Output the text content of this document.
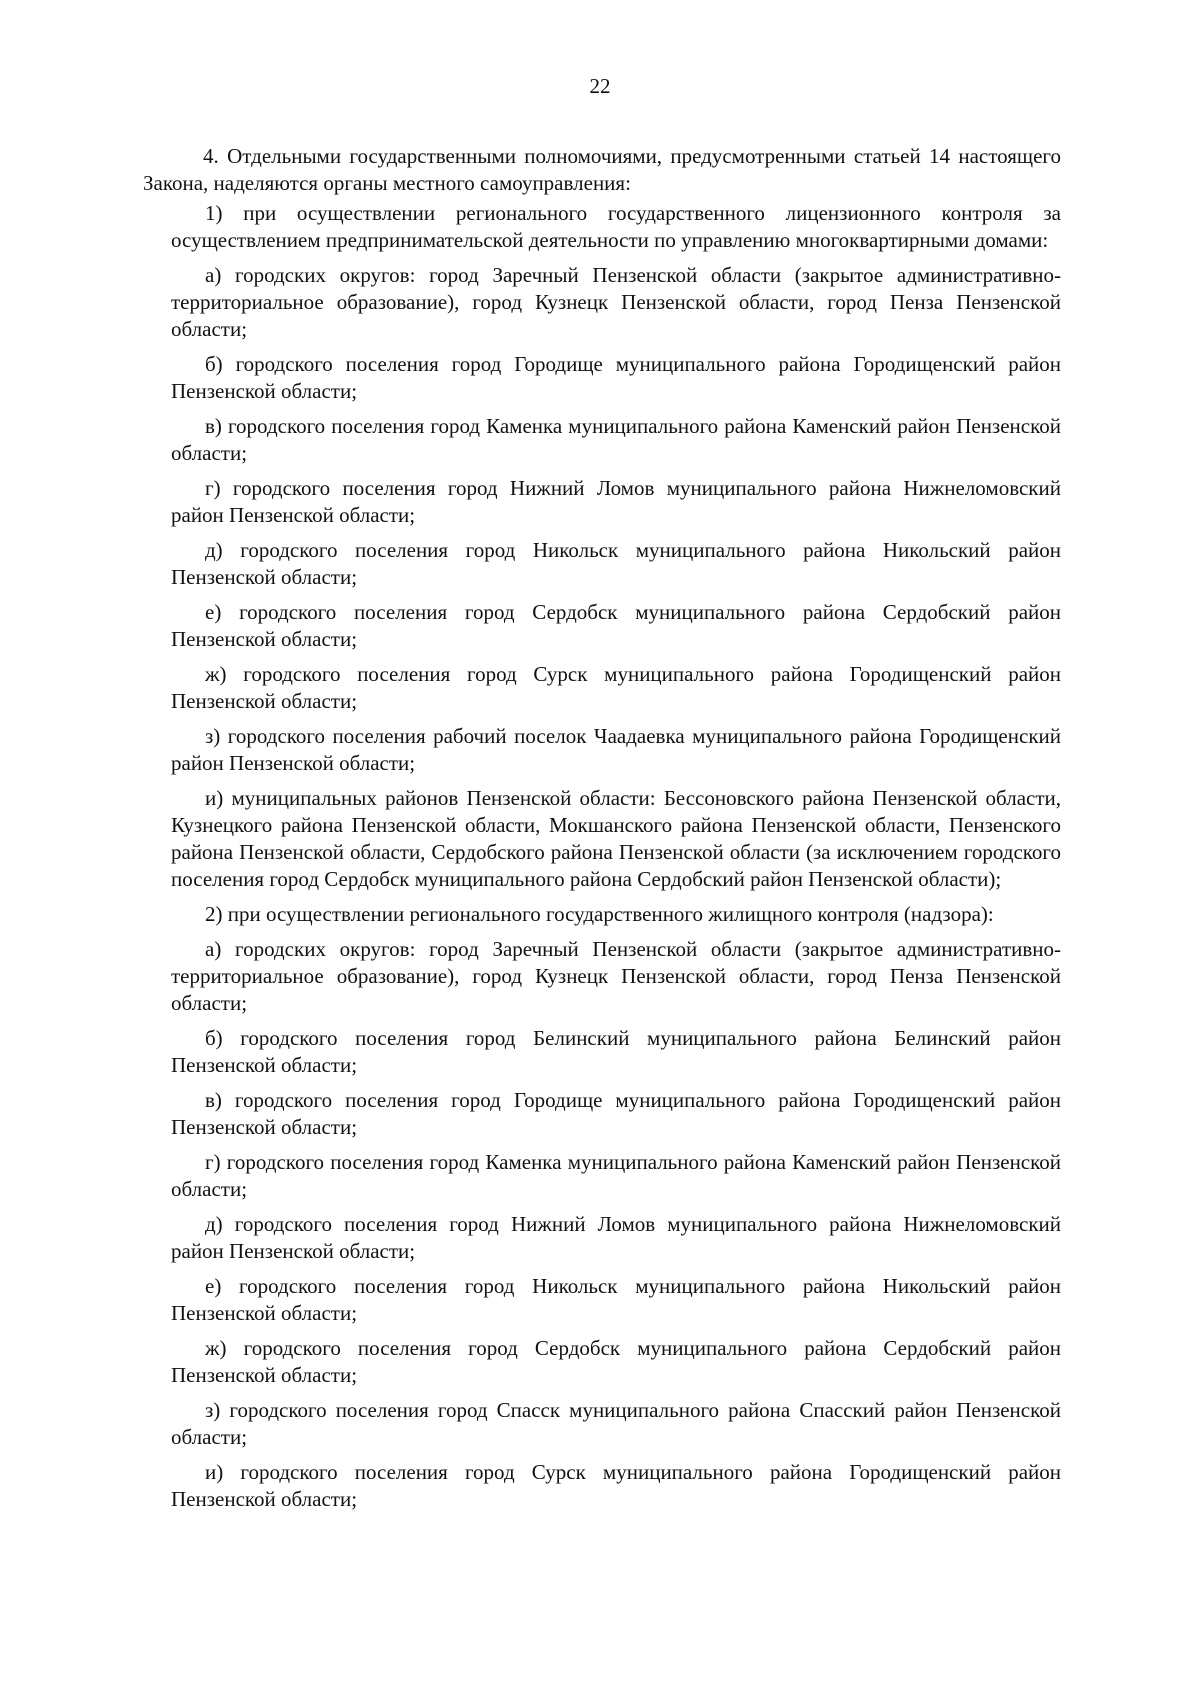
22

4. Отдельными государственными полномочиями, предусмотренными статьей 14 настоящего Закона, наделяются органы местного самоуправления:

1) при осуществлении регионального государственного лицензионного контроля за осуществлением предпринимательской деятельности по управлению многоквартирными домами:

а) городских округов: город Заречный Пензенской области (закрытое административно-территориальное образование), город Кузнецк Пензенской области, город Пенза Пензенской области;

б) городского поселения город Городище муниципального района Городищенский район Пензенской области;

в) городского поселения город Каменка муниципального района Каменский район Пензенской области;

г) городского поселения город Нижний Ломов муниципального района Нижнеломовский район Пензенской области;

д) городского поселения город Никольск муниципального района Никольский район Пензенской области;

е) городского поселения город Сердобск муниципального района Сердобский район Пензенской области;

ж) городского поселения город Сурск муниципального района Городищенский район Пензенской области;

з) городского поселения рабочий поселок Чаадаевка муниципального района Городищенский район Пензенской области;

и) муниципальных районов Пензенской области: Бессоновского района Пензенской области, Кузнецкого района Пензенской области, Мокшанского района Пензенской области, Пензенского района Пензенской области, Сердобского района Пензенской области (за исключением городского поселения город Сердобск муниципального района Сердобский район Пензенской области);

2) при осуществлении регионального государственного жилищного контроля (надзора):

а) городских округов: город Заречный Пензенской области (закрытое административно-территориальное образование), город Кузнецк Пензенской области, город Пенза Пензенской области;

б) городского поселения город Белинский муниципального района Белинский район Пензенской области;

в) городского поселения город Городище муниципального района Городищенский район Пензенской области;

г) городского поселения город Каменка муниципального района Каменский район Пензенской области;

д) городского поселения город Нижний Ломов муниципального района Нижнеломовский район Пензенской области;

е) городского поселения город Никольск муниципального района Никольский район Пензенской области;

ж) городского поселения город Сердобск муниципального района Сердобский район Пензенской области;

з) городского поселения город Спасск муниципального района Спасский район Пензенской области;

и) городского поселения город Сурск муниципального района Городищенский район Пензенской области;
